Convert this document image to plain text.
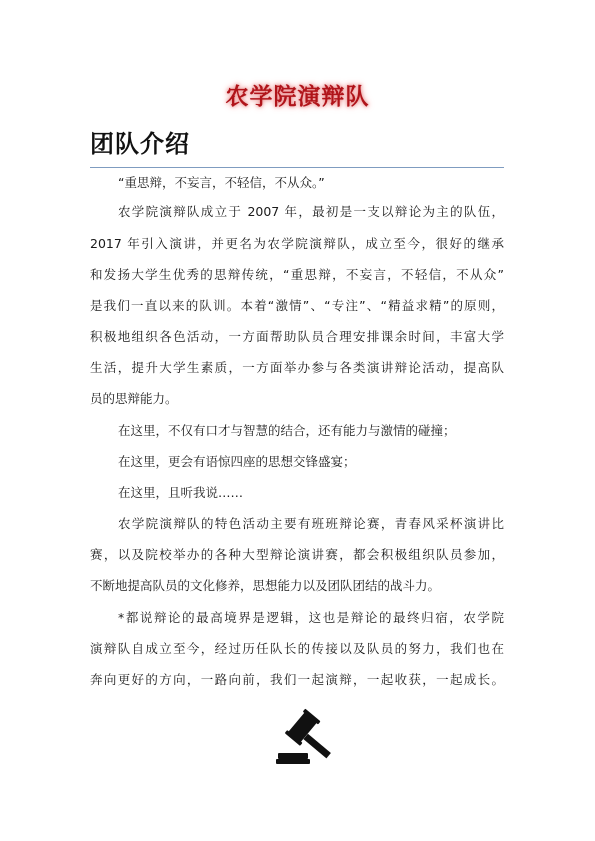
农学院演辩队
团队介绍
“重思辩，不妄言，不轻信，不从众。”
农学院演辩队成立于 2007 年，最初是一支以辩论为主的队伍，
2017 年引入演讲，并更名为农学院演辩队，成立至今，很好的继承
和发扬大学生优秀的思辩传统，“重思辩，不妄言，不轻信，不从众”
是我们一直以来的队训。本着“激情”、“专注”、“精益求精”的原则，
积极地组织各色活动，一方面帮助队员合理安排课余时间，丰富大学
生活，提升大学生素质，一方面举办参与各类演讲辩论活动，提高队
员的思辩能力。
在这里，不仅有口才与智慧的结合，还有能力与激情的碰撞；
在这里，更会有语惊四座的思想交锋盛宴；
在这里，且听我说……
农学院演辩队的特色活动主要有班班辩论赛，青春风采杯演讲比
赛，以及院校举办的各种大型辩论演讲赛，都会积极组织队员参加，
不断地提高队员的文化修养，思想能力以及团队团结的战斗力。
*都说辩论的最高境界是逻辑，这也是辩论的最终归宿，农学院
演辩队自成立至今，经过历任队长的传接以及队员的努力，我们也在
奔向更好的方向，一路向前，我们一起演辩，一起收获，一起成长。
